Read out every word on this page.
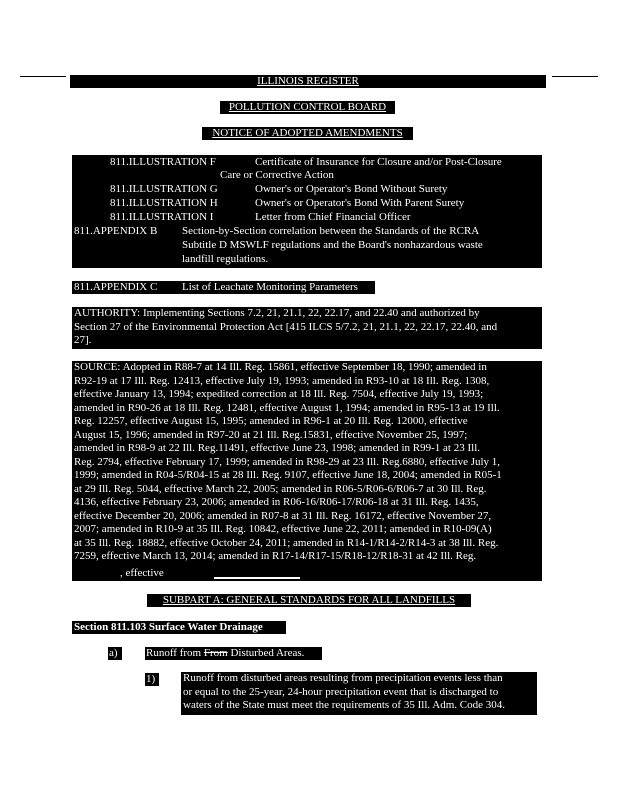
ILLINOIS REGISTER
POLLUTION CONTROL BOARD
NOTICE OF ADOPTED AMENDMENTS
811.ILLUSTRATION F	Certificate of Insurance for Closure and/or Post-Closure
Care or Corrective Action
811.ILLUSTRATION G	Owner's or Operator's Bond Without Surety
811.ILLUSTRATION H	Owner's or Operator's Bond With Parent Surety
811.ILLUSTRATION I	Letter from Chief Financial Officer
811.APPENDIX B Section-by-Section correlation between the Standards of the RCRA
Subtitle D MSWLF regulations and the Board's nonhazardous waste
landfill regulations.
811.APPENDIX C List of Leachate Monitoring Parameters
AUTHORITY: Implementing Sections 7.2, 21, 21.1, 22, 22.17, and 22.40 and authorized by
Section 27 of the Environmental Protection Act [415 ILCS 5/7.2, 21, 21.1, 22, 22.17, 22.40, and
27].
SOURCE: Adopted in R88-7 at 14 Ill. Reg. 15861, effective September 18, 1990; amended in
R92-19 at 17 Ill. Reg. 12413, effective July 19, 1993; amended in R93-10 at 18 Ill. Reg. 1308,
effective January 13, 1994; expedited correction at 18 Ill. Reg. 7504, effective July 19, 1993;
amended in R90-26 at 18 Ill. Reg. 12481, effective August 1, 1994; amended in R95-13 at 19 Ill.
Reg. 12257, effective August 15, 1995; amended in R96-1 at 20 Ill. Reg. 12000, effective
August 15, 1996; amended in R97-20 at 21 Ill. Reg.15831, effective November 25, 1997;
amended in R98-9 at 22 Ill. Reg.11491, effective June 23, 1998; amended in R99-1 at 23 Ill.
Reg. 2794, effective February 17, 1999; amended in R98-29 at 23 Ill. Reg.6880, effective July 1,
1999; amended in R04-5/R04-15 at 28 Ill. Reg. 9107, effective June 18, 2004; amended in R05-1
at 29 Ill. Reg. 5044, effective March 22, 2005; amended in R06-5/R06-6/R06-7 at 30 Ill. Reg.
4136, effective February 23, 2006; amended in R06-16/R06-17/R06-18 at 31 Ill. Reg. 1435,
effective December 20, 2006; amended in R07-8 at 31 Ill. Reg. 16172, effective November 27,
2007; amended in R10-9 at 35 Ill. Reg. 10842, effective June 22, 2011; amended in R10-09(A)
at 35 Ill. Reg. 18882, effective October 24, 2011; amended in R14-1/R14-2/R14-3 at 38 Ill. Reg.
7259, effective March 13, 2014; amended in R17-14/R17-15/R18-12/R18-31 at 42 Ill. Reg.
, effective
SUBPART A: GENERAL STANDARDS FOR ALL LANDFILLS
Section 811.103 Surface Water Drainage
a)	Runoff from From Disturbed Areas.
1)	Runoff from disturbed areas resulting from precipitation events less than
or equal to the 25-year, 24-hour precipitation event that is discharged to
waters of the State must meet the requirements of 35 Ill. Adm. Code 304.
